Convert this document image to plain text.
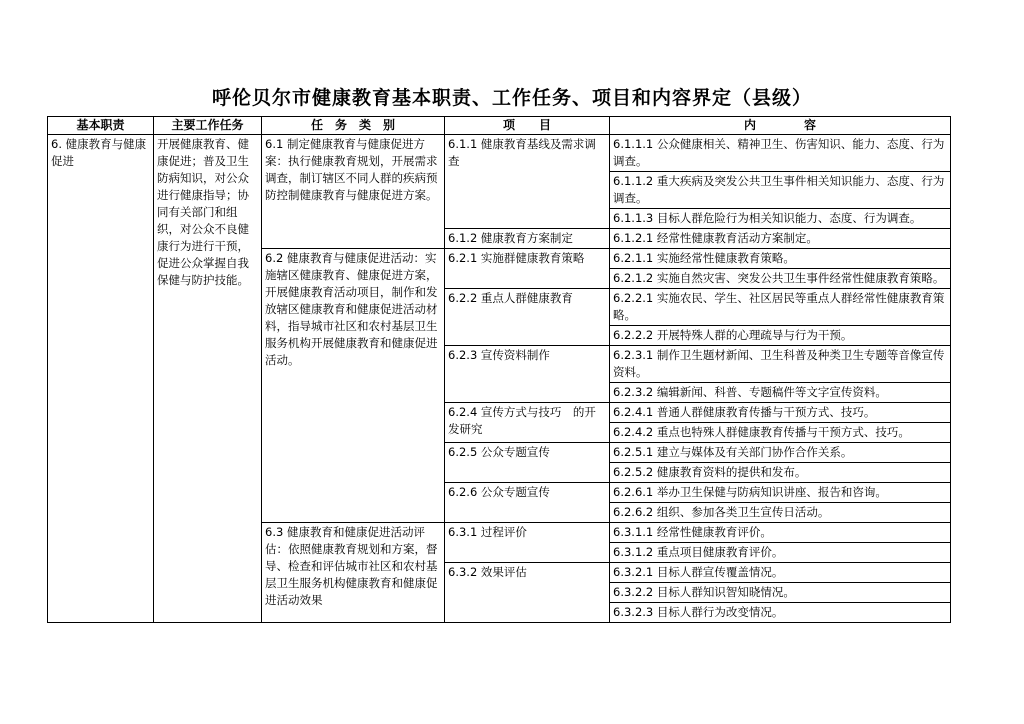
呼伦贝尔市健康教育基本职责、工作任务、项目和内容界定（县级）
基本职责	主要工作任务	任　务　类　别	项　　目	内　　　　容
6. 健康教育与健康促进	开展健康教育、健康促进；普及卫生防病知识，对公众进行健康指导；协同有关部门和组织，对公众不良健康行为进行干预，促进公众掌握自我保健与防护技能。	6.1 制定健康教育与健康促进方案：执行健康教育规划，开展需求调查，制订辖区不同人群的疾病预防控制健康教育与健康促进方案。	6.1.1 健康教育基线及需求调查	6.1.1.1 公众健康相关、精神卫生、伤害知识、能力、态度、行为调查。
				6.1.1.2 重大疾病及突发公共卫生事件相关知识能力、态度、行为调查。
				6.1.1.3 目标人群危险行为相关知识能力、态度、行为调查。
			6.1.2 健康教育方案制定	6.1.2.1 经常性健康教育活动方案制定。
		6.2 健康教育与健康促进活动：实施辖区健康教育、健康促进方案，开展健康教育活动项目，制作和发放辖区健康教育和健康促进活动材料，指导城市社区和农村基层卫生服务机构开展健康教育和健康促进活动。	6.2.1 实施群健康教育策略	6.2.1.1 实施经常性健康教育策略。
				6.2.1.2 实施自然灾害、突发公共卫生事件经常性健康教育策略。
			6.2.2 重点人群健康教育	6.2.2.1 实施农民、学生、社区居民等重点人群经常性健康教育策略。
				6.2.2.2 开展特殊人群的心理疏导与行为干预。
			6.2.3 宣传资料制作	6.2.3.1 制作卫生题材新闻、卫生科普及种类卫生专题等音像宣传资料。
				6.2.3.2 编辑新闻、科普、专题稿件等文字宣传资料。
			6.2.4 宣传方式与技巧　的开发研究	6.2.4.1 普通人群健康教育传播与干预方式、技巧。
				6.2.4.2 重点也特殊人群健康教育传播与干预方式、技巧。
			6.2.5 公众专题宣传	6.2.5.1 建立与媒体及有关部门协作合作关系。
				6.2.5.2 健康教育资料的提供和发布。
			6.2.6 公众专题宣传	6.2.6.1 举办卫生保健与防病知识讲座、报告和咨询。
				6.2.6.2 组织、参加各类卫生宣传日活动。
		6.3 健康教育和健康促进活动评估：依照健康教育规划和方案，督导、检查和评估城市社区和农村基层卫生服务机构健康教育和健康促进活动效果	6.3.1 过程评价	6.3.1.1 经常性健康教育评价。
				6.3.1.2 重点项目健康教育评价。
			6.3.2 效果评估	6.3.2.1 目标人群宣传覆盖情况。
				6.3.2.2 目标人群知识智知晓情况。
				6.3.2.3 目标人群行为改变情况。
